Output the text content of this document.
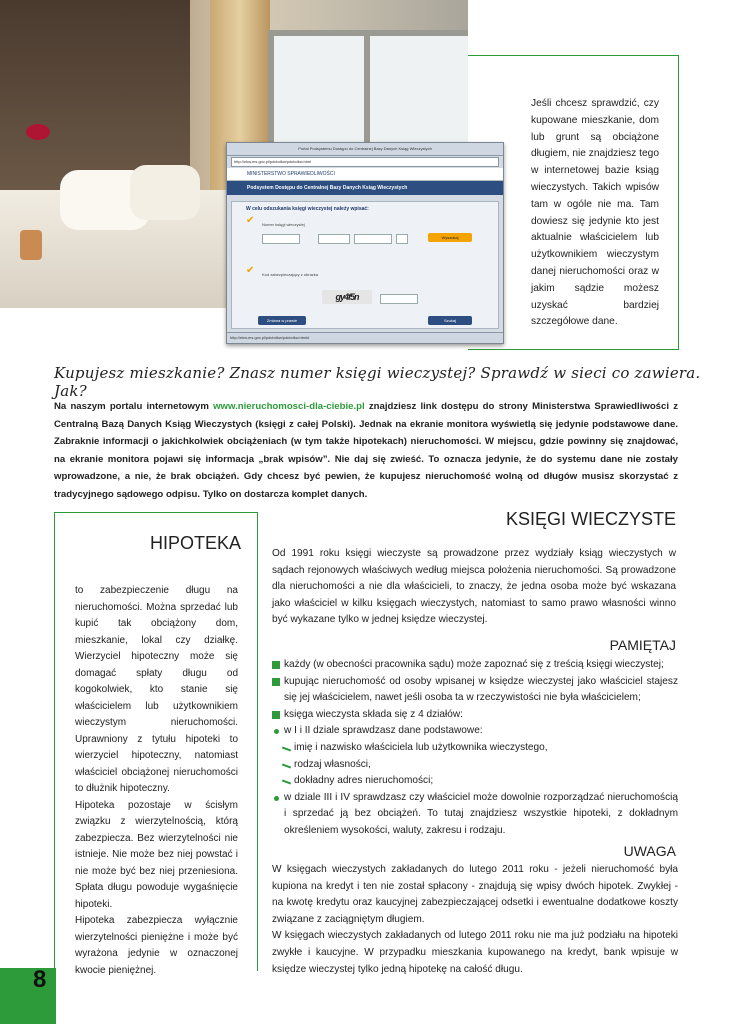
Portal Podsystemu Dostępu do Centralnej Bazy Danych Ksiąg Wieczystych
http://ekw.ms.gov.pl/pdcbdkw/pdcbdkw.html
MINISTERSTWO SPRAWIEDLIWOŚCI
Podsystem Dostępu do Centralnej Bazy Danych Ksiąg Wieczystych
W celu odszukania księgi wieczystej należy wpisać:
✔	Numer księgi wieczystej
Wyszukaj
✔	Kod zabezpieczający z obrazka
gy4f5n
Zmiana w prawie	Szukaj
http://ekw.ms.gov.pl/pdcbdkw/pdcbdkw.html#
Jeśli chcesz sprawdzić, czy kupowane mieszkanie, dom lub grunt są obciążone długiem, nie znajdziesz tego w internetowej bazie ksiąg wieczystych. Takich wpisów tam w ogóle nie ma. Tam dowiesz się jedynie kto jest aktualnie właścicielem lub użytkownikiem wieczystym danej nieruchomości oraz w jakim sądzie możesz uzyskać bardziej szczegółowe dane.
Kupujesz mieszkanie? Znasz numer księgi wieczystej? Sprawdź w sieci co zawiera. Jak?
Na naszym portalu internetowym www.nieruchomosci-dla-ciebie.pl znajdziesz link dostępu do strony Ministerstwa Sprawiedliwości z Centralną Bazą Danych Ksiąg Wieczystych (księgi z całej Polski). Jednak na ekranie monitora wyświetlą się jedynie podstawowe dane. Zabraknie informacji o jakichkolwiek obciążeniach (w tym także hipotekach) nieruchomości. W miejscu, gdzie powinny się znajdować, na ekranie monitora pojawi się informacja „brak wpisów”. Nie daj się zwieść. To oznacza jedynie, że do systemu dane nie zostały wprowadzone, a nie, że brak obciążeń. Gdy chcesz być pewien, że kupujesz nieruchomość wolną od długów musisz skorzystać z tradycyjnego sądowego odpisu. Tylko on dostarcza komplet danych.
HIPOTEKA

to zabezpieczenie długu na nieruchomości. Można sprzedać lub kupić tak obciążony dom, mieszkanie, lokal czy działkę. Wierzyciel hipoteczny może się domagać spłaty długu od kogokolwiek, kto stanie się właścicielem lub użytkownikiem wieczystym nieruchomości. Uprawniony z tytułu hipoteki to wierzyciel hipoteczny, natomiast właściciel obciążonej nieruchomości to dłużnik hipoteczny.

Hipoteka pozostaje w ścisłym związku z wierzytelnością, którą zabezpiecza. Bez wierzytelności nie istnieje. Nie może bez niej powstać i nie może być bez niej przeniesiona. Spłata długu powoduje wygaśnięcie hipoteki.

Hipoteka zabezpiecza wyłącznie wierzytelności pieniężne i może być wyrażona jedynie w oznaczonej kwocie pieniężnej.

8
KSIĘGI WIECZYSTE

Od 1991 roku księgi wieczyste są prowadzone przez wydziały ksiąg wieczystych w sądach rejonowych właściwych według miejsca położenia nieruchomości. Są prowadzone dla nieruchomości a nie dla właścicieli, to znaczy, że jedna osoba może być wskazana jako właściciel w kilku księgach wieczystych, natomiast to samo prawo własności winno być wykazane tylko w jednej księdze wieczystej.

PAMIĘTAJ
każdy (w obecności pracownika sądu) może zapoznać się z treścią księgi wieczystej;
kupując nieruchomość od osoby wpisanej w księdze wieczystej jako właściciel stajesz się jej właścicielem, nawet jeśli osoba ta w rzeczywistości nie była właścicielem;
księga wieczysta składa się z 4 działów:
w I i II dziale sprawdzasz dane podstawowe:
imię i nazwisko właściciela lub użytkownika wieczystego,
rodzaj własności,
dokładny adres nieruchomości;
w dziale III i IV sprawdzasz czy właściciel może dowolnie rozporządzać nieruchomością i sprzedać ją bez obciążeń. To tutaj znajdziesz wszystkie hipoteki, z dokładnym określeniem wysokości, waluty, zakresu i rodzaju.
UWAGA

W księgach wieczystych zakładanych do lutego 2011 roku - jeżeli nieruchomość była kupiona na kredyt i ten nie został spłacony - znajdują się wpisy dwóch hipotek. Zwykłej - na kwotę kredytu oraz kaucyjnej zabezpieczającej odsetki i ewentualne dodatkowe koszty związane z zaciągniętym długiem.

W księgach wieczystych zakładanych od lutego 2011 roku nie ma już podziału na hipoteki zwykłe i kaucyjne. W przypadku mieszkania kupowanego na kredyt, bank wpisuje w księdze wieczystej tylko jedną hipotekę na całość długu.
